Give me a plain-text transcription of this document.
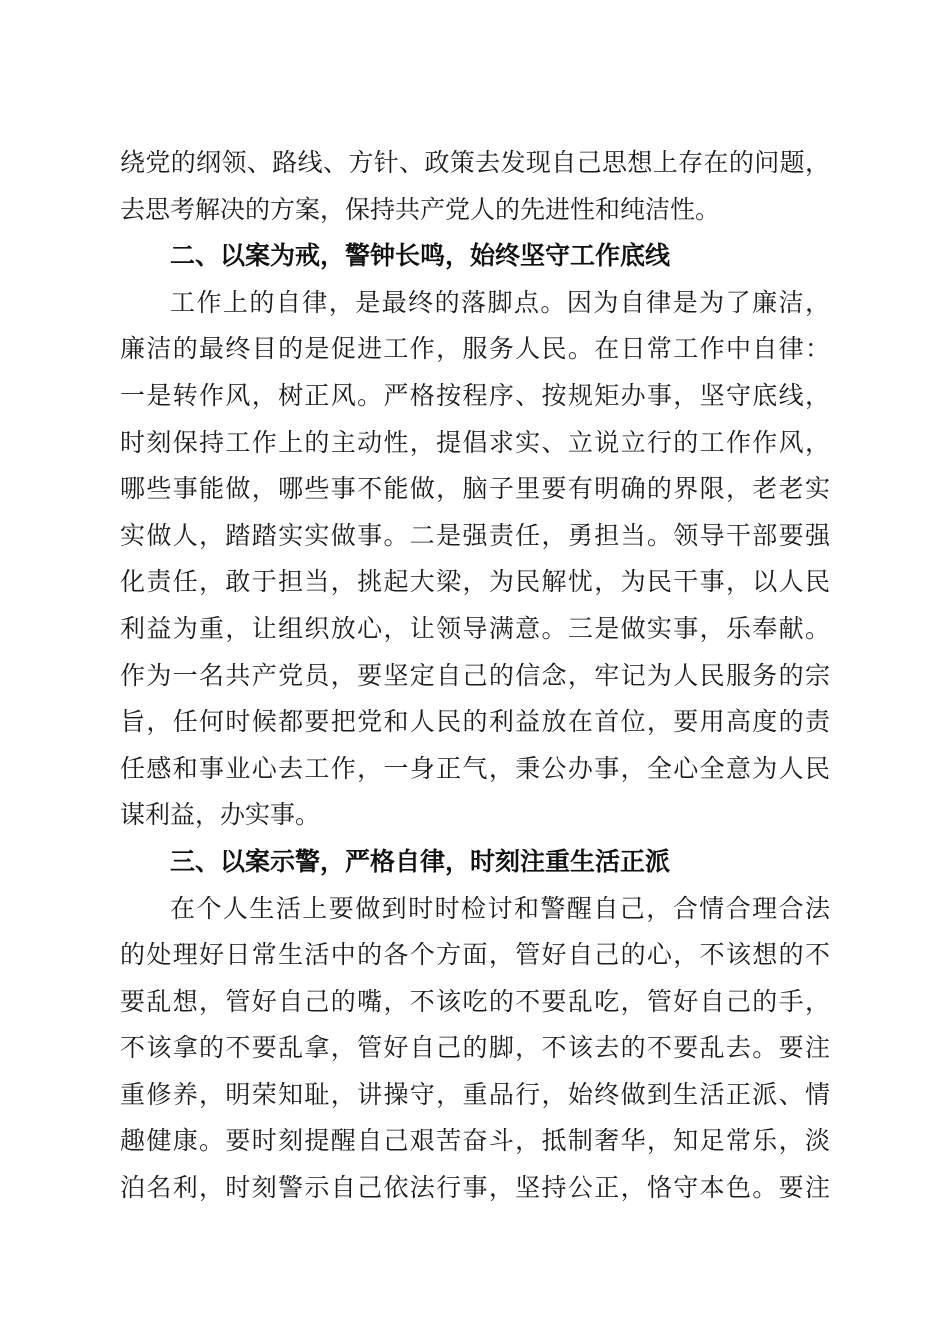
绕党的纲领、路线、方针、政策去发现自己思想上存在的问题，
去思考解决的方案，保持共产党人的先进性和纯洁性。
二、以案为戒，警钟长鸣，始终坚守工作底线
工作上的自律，是最终的落脚点。因为自律是为了廉洁，
廉洁的最终目的是促进工作，服务人民。在日常工作中自律：
一是转作风，树正风。严格按程序、按规矩办事，坚守底线，
时刻保持工作上的主动性，提倡求实、立说立行的工作作风，
哪些事能做，哪些事不能做，脑子里要有明确的界限，老老实
实做人，踏踏实实做事。二是强责任，勇担当。领导干部要强
化责任，敢于担当，挑起大梁，为民解忧，为民干事，以人民
利益为重，让组织放心，让领导满意。三是做实事，乐奉献。
作为一名共产党员，要坚定自己的信念，牢记为人民服务的宗
旨，任何时候都要把党和人民的利益放在首位，要用高度的责
任感和事业心去工作，一身正气，秉公办事，全心全意为人民
谋利益，办实事。
三、以案示警，严格自律，时刻注重生活正派
在个人生活上要做到时时检讨和警醒自己，合情合理合法
的处理好日常生活中的各个方面，管好自己的心，不该想的不
要乱想，管好自己的嘴，不该吃的不要乱吃，管好自己的手，
不该拿的不要乱拿，管好自己的脚，不该去的不要乱去。要注
重修养，明荣知耻，讲操守，重品行，始终做到生活正派、情
趣健康。要时刻提醒自己艰苦奋斗，抵制奢华，知足常乐，淡
泊名利，时刻警示自己依法行事，坚持公正，恪守本色。要注
